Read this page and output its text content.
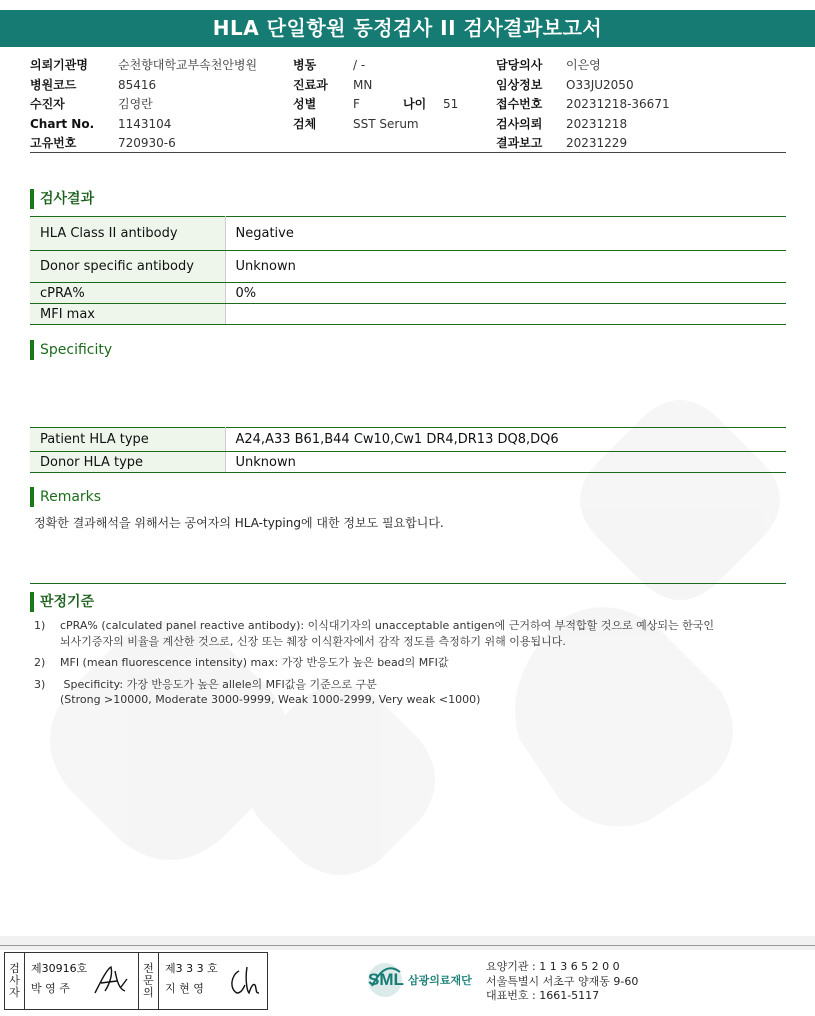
HLA 단일항원 동정검사 II 검사결과보고서
의뢰기관명	순천향대학교부속천안병원
병원코드	85416
수진자	김영란
Chart No.	1143104
고유번호	720930-6
병동	/ -
진료과	MN
성별	F	나이	51
검체	SST Serum
담당의사	이은영
임상정보	O33JU2050
접수번호	20231218-36671
검사의뢰	20231218
결과보고	20231229
검사결과
HLA Class II antibody	Negative
Donor specific antibody	Unknown
cPRA%	0%
MFI max	
Specificity
Patient HLA type	A24,A33 B61,B44 Cw10,Cw1 DR4,DR13 DQ8,DQ6
Donor HLA type	Unknown
Remarks
정확한 결과해석을 위해서는 공여자의 HLA-typing에 대한 정보도 필요합니다.
판정기준
1)	cPRA% (calculated panel reactive antibody): 이식대기자의 unacceptable antigen에 근거하여 부적합할 것으로 예상되는 한국인
뇌사기증자의 비율을 계산한 것으로, 신장 또는 췌장 이식환자에서 감작 정도를 측정하기 위해 이용됩니다.
2)	MFI (mean fluorescence intensity) max: 가장 반응도가 높은 bead의 MFI값
3)	Specificity: 가장 반응도가 높은 allele의 MFI값을 기준으로 구분
(Strong >10000, Moderate 3000-9999, Weak 1000-2999, Very weak <1000)
검
사
자
제30916호
박 영 주
전
문
의
제3 3 3 호
지 현 영	SML 삼광의료재단
요양기관 : 1 1 3 6 5 2 0 0
서울특별시 서초구 양재동 9-60
대표번호 : 1661-5117
